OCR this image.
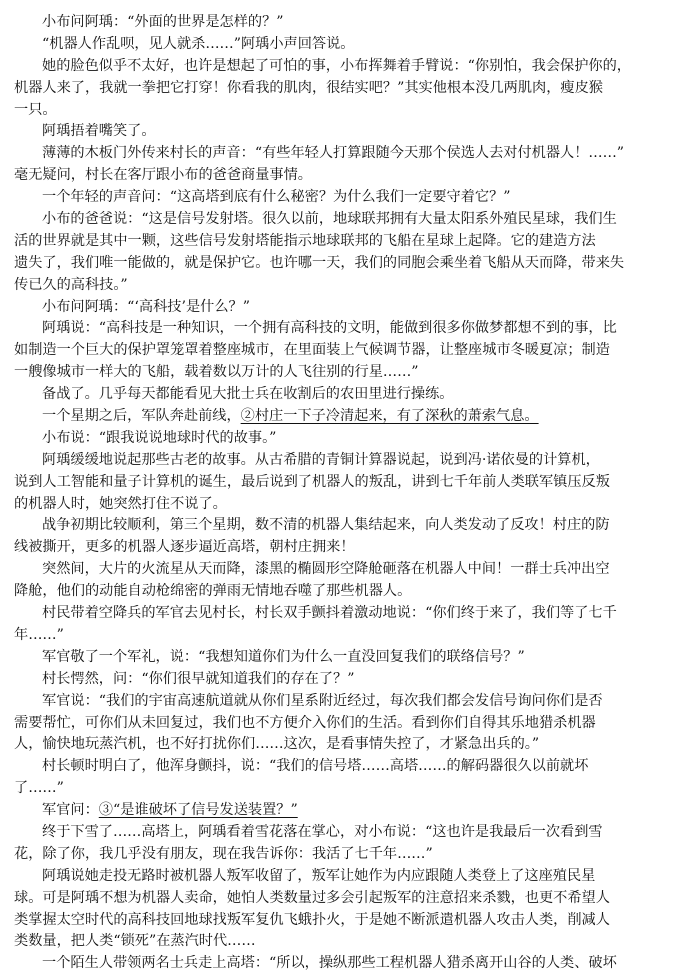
小布问阿瑀：“外面的世界是怎样的？”
“机器人作乱呗，见人就杀……”阿瑀小声回答说。
她的脸色似乎不太好，也许是想起了可怕的事，小布挥舞着手臂说：“你别怕，我会保护你的，
机器人来了，我就一拳把它打穿！你看我的肌肉，很结实吧？”其实他根本没几两肌肉，瘦皮猴
一只。
阿瑀捂着嘴笑了。
薄薄的木板门外传来村长的声音：“有些年轻人打算跟随今天那个侯选人去对付机器人！……”
毫无疑问，村长在客厅跟小布的爸爸商量事情。
一个年轻的声音问：“这高塔到底有什么秘密？为什么我们一定要守着它？”
小布的爸爸说：“这是信号发射塔。很久以前，地球联邦拥有大量太阳系外殖民星球，我们生
活的世界就是其中一颗，这些信号发射塔能指示地球联邦的飞船在星球上起降。它的建造方法
遗失了，我们唯一能做的，就是保护它。也许哪一天，我们的同胞会乘坐着飞船从天而降，带来失
传已久的高科技。”
小布问阿瑀：“‘高科技’是什么？”
阿瑀说：“高科技是一种知识，一个拥有高科技的文明，能做到很多你做梦都想不到的事，比
如制造一个巨大的保护罩笼罩着整座城市，在里面装上气候调节器，让整座城市冬暖夏凉；制造
一艘像城市一样大的飞船，载着数以万计的人飞往别的行星……”
备战了。几乎每天都能看见大批士兵在收割后的农田里进行操练。
一个星期之后，军队奔赴前线，②村庄一下子冷清起来，有了深秋的萧索气息。
小布说：“跟我说说地球时代的故事。”
阿瑀缓缓地说起那些古老的故事。从古希腊的青铜计算器说起，说到冯·诺依曼的计算机，
说到人工智能和量子计算机的诞生，最后说到了机器人的叛乱，讲到七千年前人类联军镇压反叛
的机器人时，她突然打住不说了。
战争初期比较顺利，第三个星期，数不清的机器人集结起来，向人类发动了反攻！村庄的防
线被撕开，更多的机器人逐步逼近高塔，朝村庄拥来！
突然间，大片的火流星从天而降，漆黑的椭圆形空降舱砸落在机器人中间！一群士兵冲出空
降舱，他们的动能自动枪绵密的弹雨无情地吞噬了那些机器人。
村民带着空降兵的军官去见村长，村长双手颤抖着激动地说：“你们终于来了，我们等了七千
年……”
军官敬了一个军礼，说：“我想知道你们为什么一直没回复我们的联络信号？”
村长愕然，问：“你们很早就知道我们的存在了？”
军官说：“我们的宇宙高速航道就从你们星系附近经过，每次我们都会发信号询问你们是否
需要帮忙，可你们从未回复过，我们也不方便介入你们的生活。看到你们自得其乐地猎杀机器
人，愉快地玩蒸汽机，也不好打扰你们……这次，是看事情失控了，才紧急出兵的。”
村长顿时明白了，他浑身颤抖，说：“我们的信号塔……高塔……的解码器很久以前就坏
了……”
军官问：③“是谁破坏了信号发送装置？”
终于下雪了……高塔上，阿瑀看着雪花落在掌心，对小布说：“这也许是我最后一次看到雪
花，除了你，我几乎没有朋友，现在我告诉你：我活了七千年……”
阿瑀说她走投无路时被机器人叛军收留了，叛军让她作为内应跟随人类登上了这座殖民星
球。可是阿瑀不想为机器人卖命，她怕人类数量过多会引起叛军的注意招来杀戮，也更不希望人
类掌握太空时代的高科技回地球找叛军复仇飞蛾扑火，于是她不断派遣机器人攻击人类，削减人
类数量，把人类“锁死”在蒸汽时代……
一个陌生人带领两名士兵走上高塔：“所以，操纵那些工程机器人猎杀离开山谷的人类、破坏
